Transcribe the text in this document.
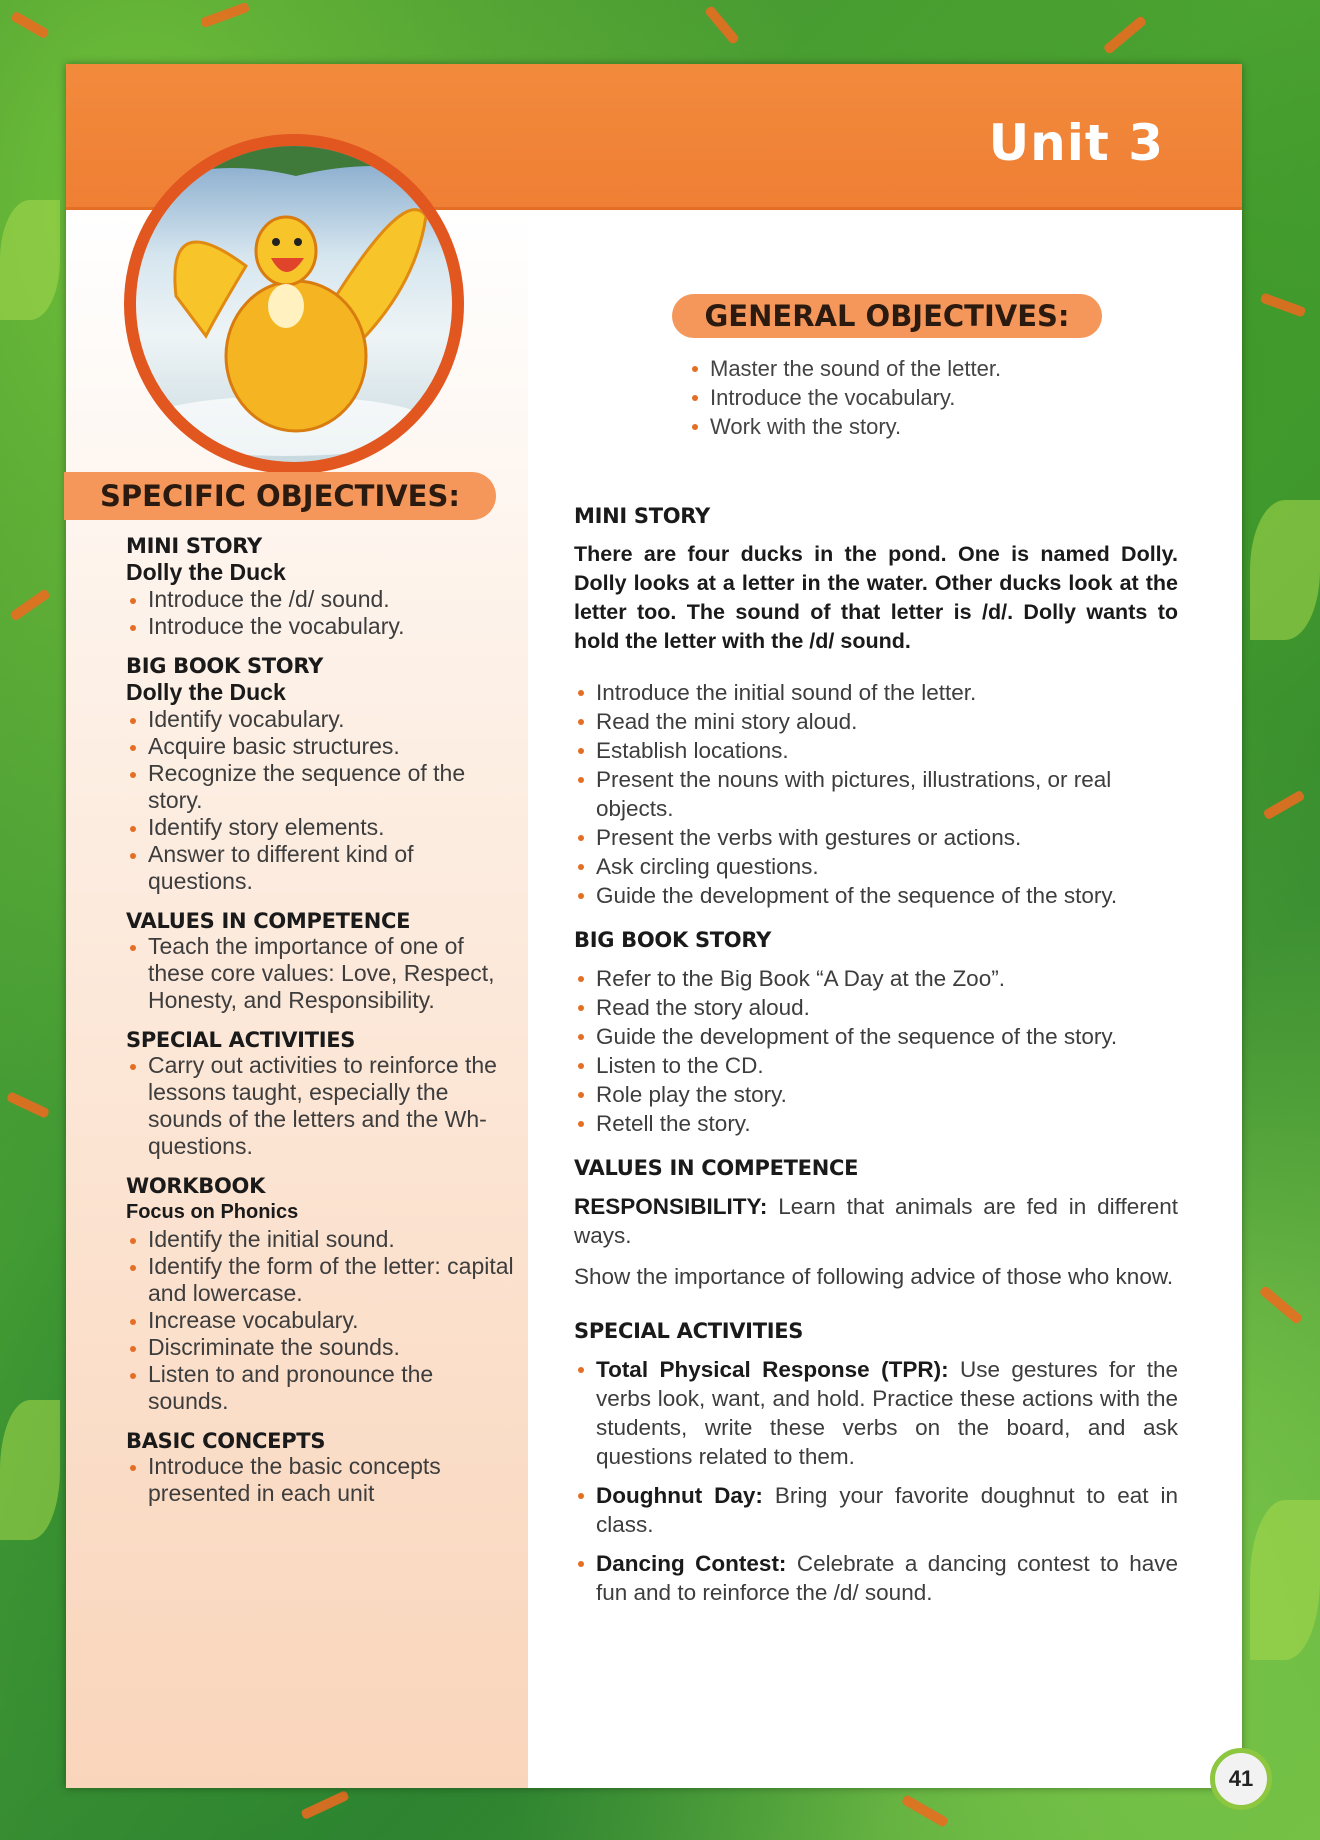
Unit 3
SPECIFIC OBJECTIVES:
GENERAL OBJECTIVES:
Master the sound of the letter.
Introduce the vocabulary.
Work with the story.
MINI STORY
Dolly the Duck
Introduce the /d/ sound.
Introduce the vocabulary.
BIG BOOK STORY
Dolly the Duck
Identify vocabulary.
Acquire basic structures.
Recognize the sequence of the story.
Identify story elements.
Answer to different kind of questions.
VALUES IN COMPETENCE
Teach the importance of one of these core values: Love, Respect, Honesty, and Responsibility.
SPECIAL ACTIVITIES
Carry out activities to reinforce the lessons taught, especially the sounds of the letters and the Wh-questions.
WORKBOOK
Focus on Phonics
Identify the initial sound.
Identify the form of the letter: capital and lowercase.
Increase vocabulary.
Discriminate the sounds.
Listen to and pronounce the sounds.
BASIC CONCEPTS
Introduce the basic concepts presented in each unit
MINI STORY
There are four ducks in the pond. One is named Dolly. Dolly looks at a letter in the water. Other ducks look at the letter too. The sound of that letter is /d/. Dolly wants to hold the letter with the /d/ sound.
Introduce the initial sound of the letter.
Read the mini story aloud.
Establish locations.
Present the nouns with pictures, illustrations, or real objects.
Present the verbs with gestures or actions.
Ask circling questions.
Guide the development of the sequence of the story.
BIG BOOK STORY
Refer to the Big Book “A Day at the Zoo”.
Read the story aloud.
Guide the development of the sequence of the story.
Listen to the CD.
Role play the story.
Retell the story.
VALUES IN COMPETENCE
RESPONSIBILITY: Learn that animals are fed in different ways.
Show the importance of following advice of those who know.
SPECIAL ACTIVITIES
Total Physical Response (TPR): Use gestures for the verbs look, want, and hold. Practice these actions with the students, write these verbs on the board, and ask questions related to them.
Doughnut Day: Bring your favorite doughnut to eat in class.
Dancing Contest: Celebrate a dancing contest to have fun and to reinforce the /d/ sound.
41
